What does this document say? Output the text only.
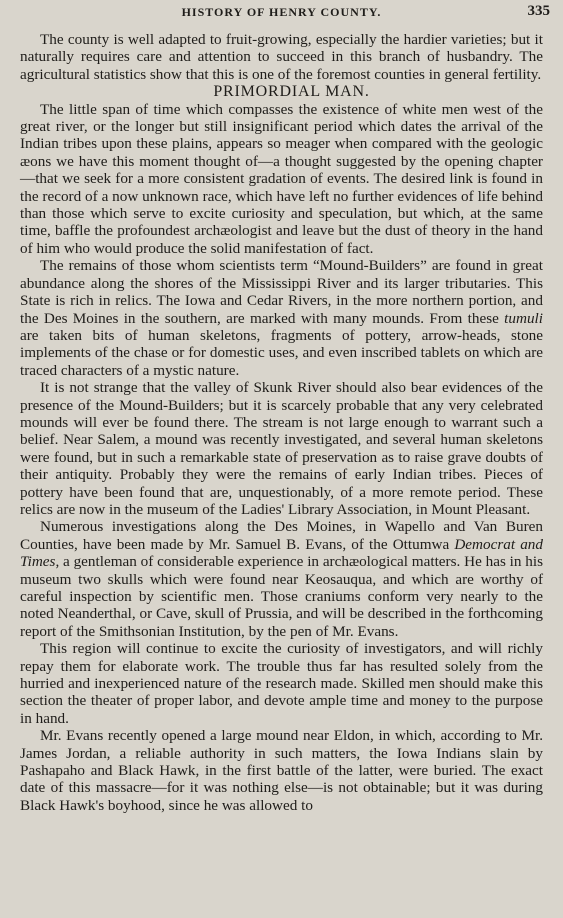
HISTORY OF HENRY COUNTY.	335

The county is well adapted to fruit-growing, especially the hardier varieties; but it naturally requires care and attention to succeed in this branch of husbandry. The agricultural statistics show that this is one of the foremost counties in general fertility.

PRIMORDIAL MAN.

The little span of time which compasses the existence of white men west of the great river, or the longer but still insignificant period which dates the arrival of the Indian tribes upon these plains, appears so meager when compared with the geologic æons we have this moment thought of—a thought suggested by the opening chapter—that we seek for a more consistent gradation of events. The desired link is found in the record of a now unknown race, which have left no further evidences of life behind than those which serve to excite curiosity and speculation, but which, at the same time, baffle the profoundest archæologist and leave but the dust of theory in the hand of him who would produce the solid manifestation of fact.

The remains of those whom scientists term “Mound-Builders” are found in great abundance along the shores of the Mississippi River and its larger tributaries. This State is rich in relics. The Iowa and Cedar Rivers, in the more northern portion, and the Des Moines in the southern, are marked with many mounds. From these tumuli are taken bits of human skeletons, fragments of pottery, arrow-heads, stone implements of the chase or for domestic uses, and even inscribed tablets on which are traced characters of a mystic nature.

It is not strange that the valley of Skunk River should also bear evidences of the presence of the Mound-Builders; but it is scarcely probable that any very celebrated mounds will ever be found there. The stream is not large enough to warrant such a belief. Near Salem, a mound was recently investigated, and several human skeletons were found, but in such a remarkable state of preservation as to raise grave doubts of their antiquity. Probably they were the remains of early Indian tribes. Pieces of pottery have been found that are, unquestionably, of a more remote period. These relics are now in the museum of the Ladies' Library Association, in Mount Pleasant.

Numerous investigations along the Des Moines, in Wapello and Van Buren Counties, have been made by Mr. Samuel B. Evans, of the Ottumwa Democrat and Times, a gentleman of considerable experience in archæological matters. He has in his museum two skulls which were found near Keosauqua, and which are worthy of careful inspection by scientific men. Those craniums conform very nearly to the noted Neanderthal, or Cave, skull of Prussia, and will be described in the forthcoming report of the Smithsonian Institution, by the pen of Mr. Evans.

This region will continue to excite the curiosity of investigators, and will richly repay them for elaborate work. The trouble thus far has resulted solely from the hurried and inexperienced nature of the research made. Skilled men should make this section the theater of proper labor, and devote ample time and money to the purpose in hand.

Mr. Evans recently opened a large mound near Eldon, in which, according to Mr. James Jordan, a reliable authority in such matters, the Iowa Indians slain by Pashapaho and Black Hawk, in the first battle of the latter, were buried. The exact date of this massacre—for it was nothing else—is not obtainable; but it was during Black Hawk's boyhood, since he was allowed to
